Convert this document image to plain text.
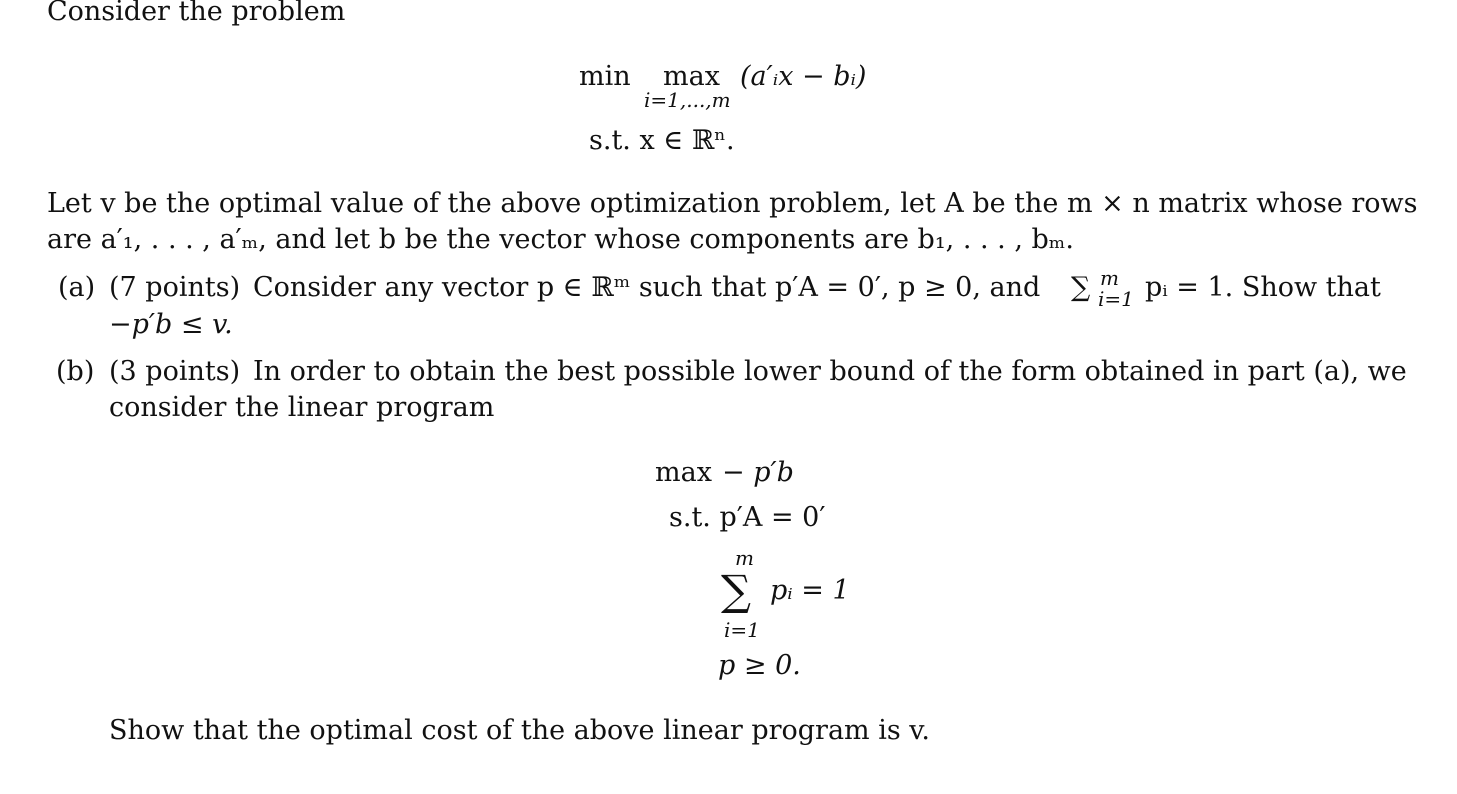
Consider the problem
min max
i=1,...,m
(a′ᵢx − bᵢ)
s.t. x ∈ ℝⁿ.
Let v be the optimal value of the above optimization problem, let A be the m × n matrix whose rows
are a′₁, . . . , a′ₘ, and let b be the vector whose components are b₁, . . . , bₘ.
(a) (7 points) Consider any vector p ∈ ℝᵐ such that p′A = 0′, p ≥ 0, and ∑ m
i=1 pᵢ = 1. Show that
−p′b ≤ v.
(b) (3 points) In order to obtain the best possible lower bound of the form obtained in part (a), we
consider the linear program
max − p′b
s.t. p′A = 0′
m
∑ pᵢ = 1
i=1
p ≥ 0.
Show that the optimal cost of the above linear program is v.
